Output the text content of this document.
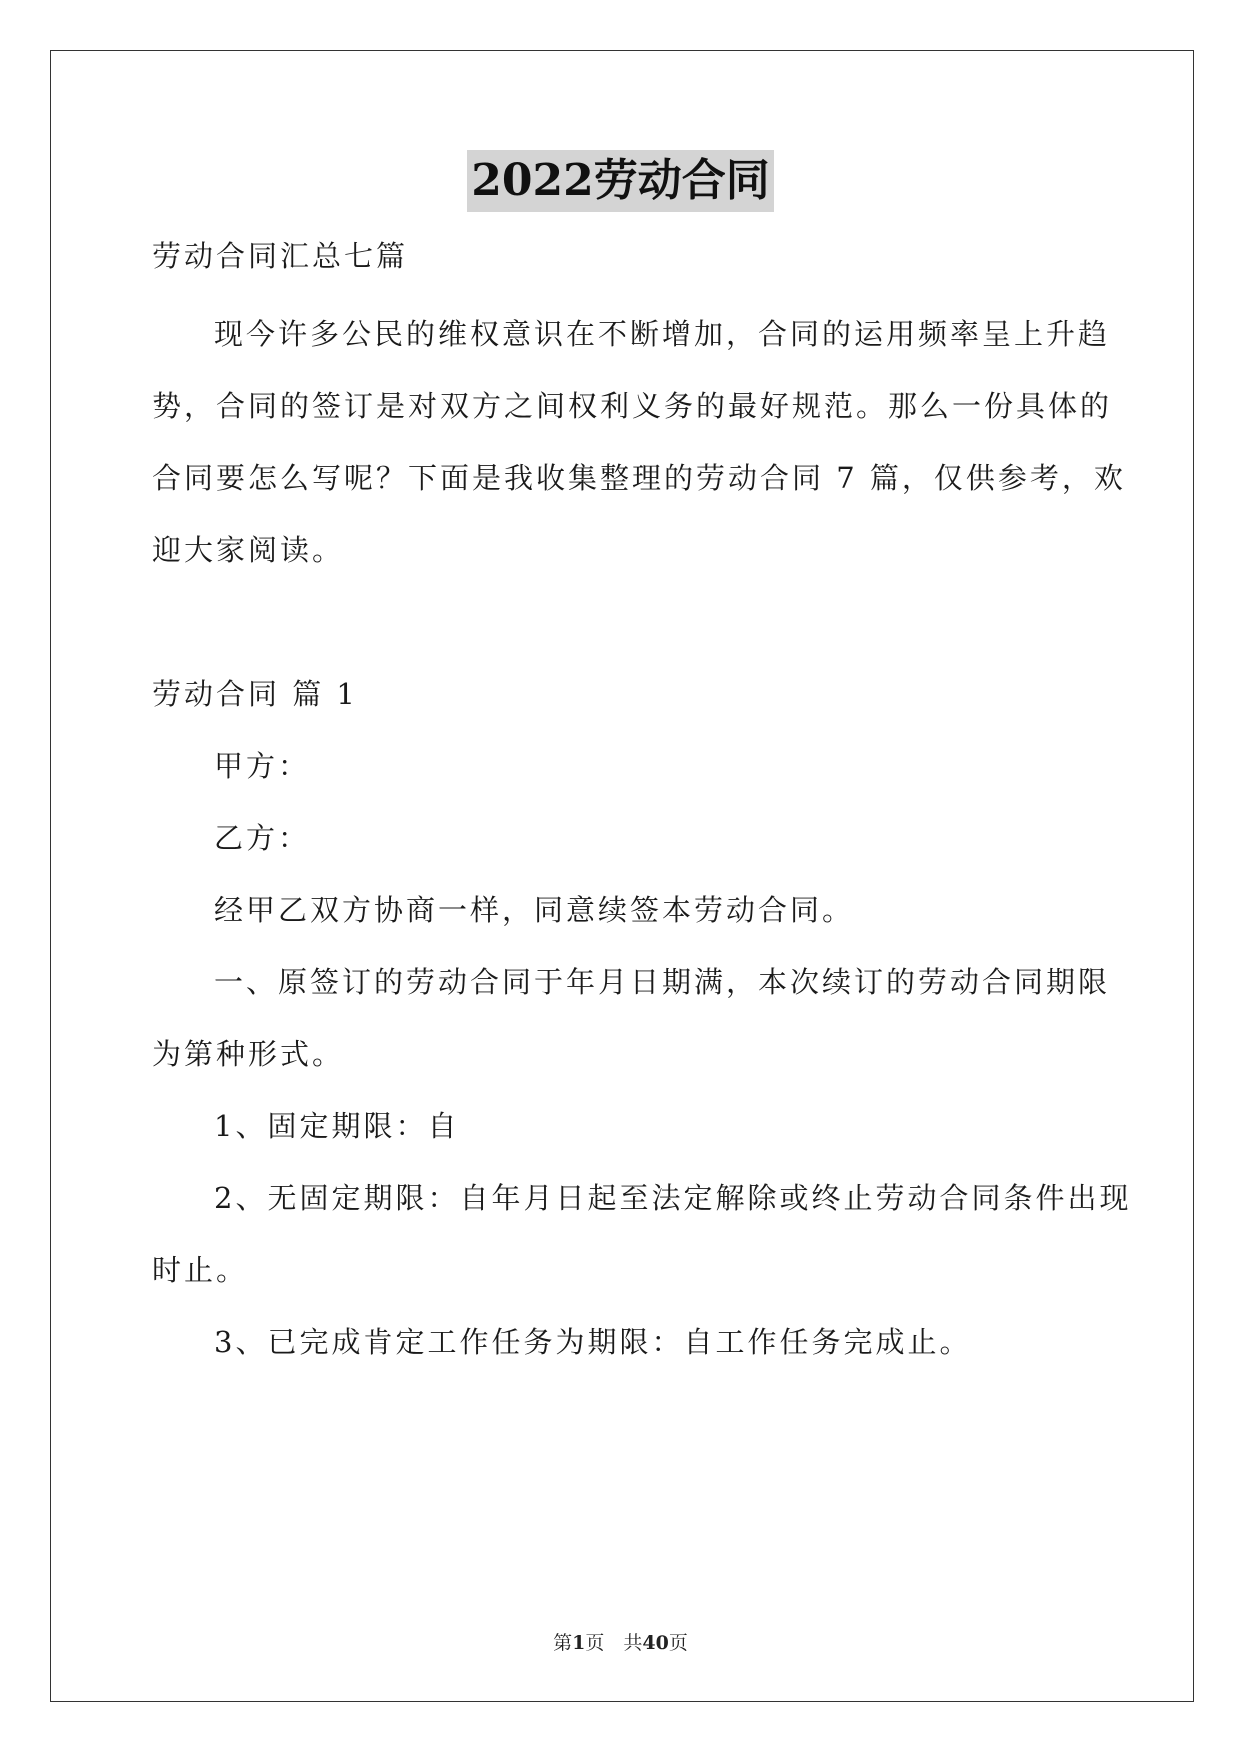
2022劳动合同
劳动合同汇总七篇
现今许多公民的维权意识在不断增加，合同的运用频率呈上升趋
势，合同的签订是对双方之间权利义务的最好规范。那么一份具体的
合同要怎么写呢？下面是我收集整理的劳动合同 7 篇，仅供参考，欢
迎大家阅读。
劳动合同 篇 1
甲方：
乙方：
经甲乙双方协商一样，同意续签本劳动合同。
一、原签订的劳动合同于年月日期满，本次续订的劳动合同期限
为第种形式。
1、固定期限：自
2、无固定期限：自年月日起至法定解除或终止劳动合同条件出现
时止。
3、已完成肯定工作任务为期限：自工作任务完成止。
第1页　共40页
